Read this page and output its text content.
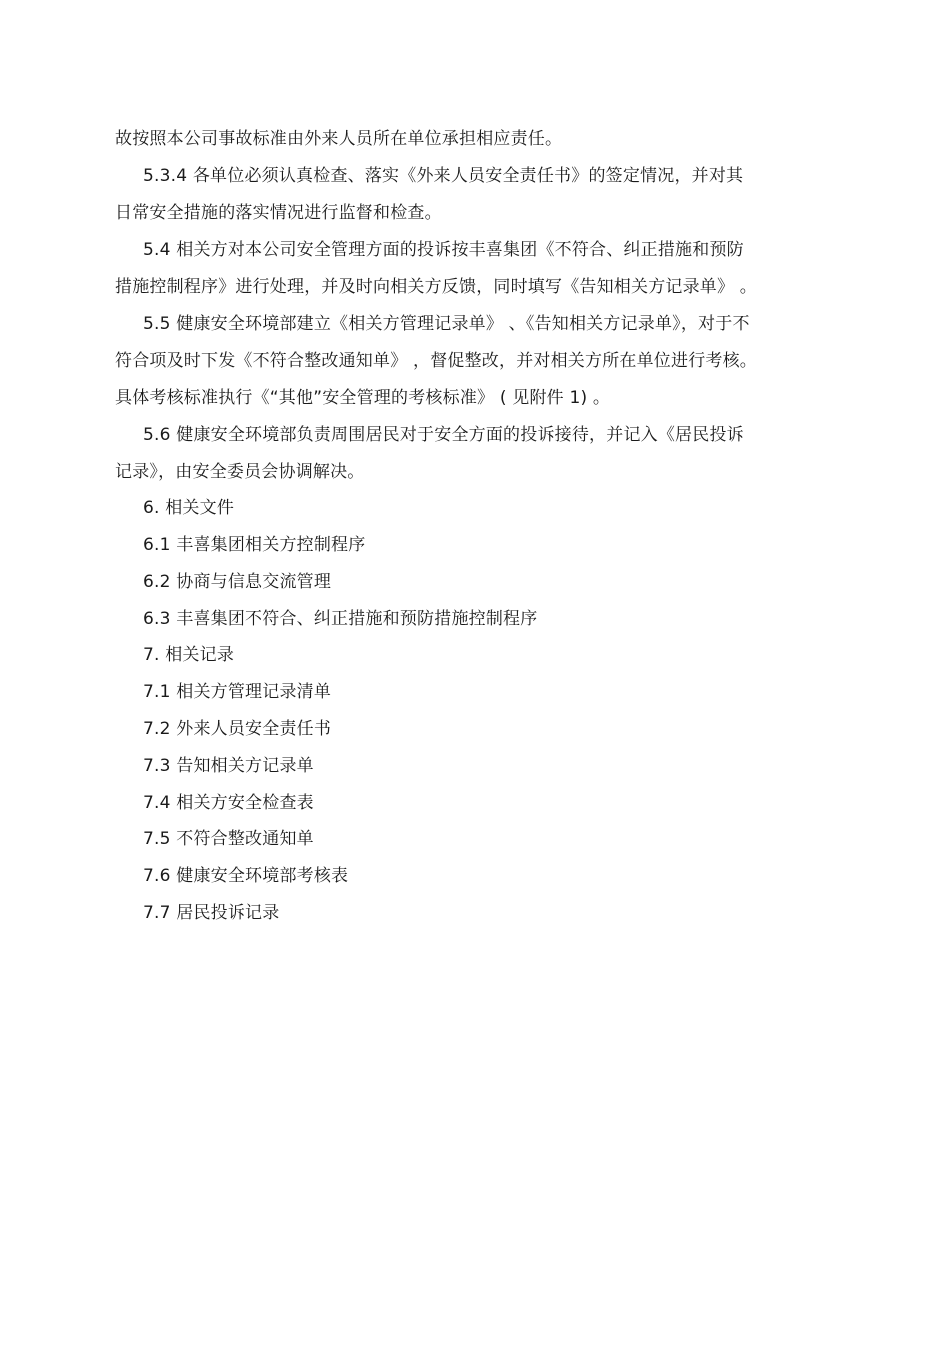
故按照本公司事故标准由外来人员所在单位承担相应责任。
5.3.4 各单位必须认真检查、落实《外来人员安全责任书》的签定情况，并对其
日常安全措施的落实情况进行监督和检查。
5.4 相关方对本公司安全管理方面的投诉按丰喜集团《不符合、纠正措施和预防
措施控制程序》进行处理，并及时向相关方反馈，同时填写《告知相关方记录单》 。
5.5 健康安全环境部建立《相关方管理记录单》 、《告知相关方记录单》，对于不
符合项及时下发《不符合整改通知单》 ，督促整改，并对相关方所在单位进行考核。
具体考核标准执行《“其他”安全管理的考核标准》 ( 见附件 1) 。
5.6 健康安全环境部负责周围居民对于安全方面的投诉接待，并记入《居民投诉
记录》，由安全委员会协调解决。
6. 相关文件
6.1 丰喜集团相关方控制程序
6.2 协商与信息交流管理
6.3 丰喜集团不符合、纠正措施和预防措施控制程序
7. 相关记录
7.1 相关方管理记录清单
7.2 外来人员安全责任书
7.3 告知相关方记录单
7.4 相关方安全检查表
7.5 不符合整改通知单
7.6 健康安全环境部考核表
7.7 居民投诉记录
